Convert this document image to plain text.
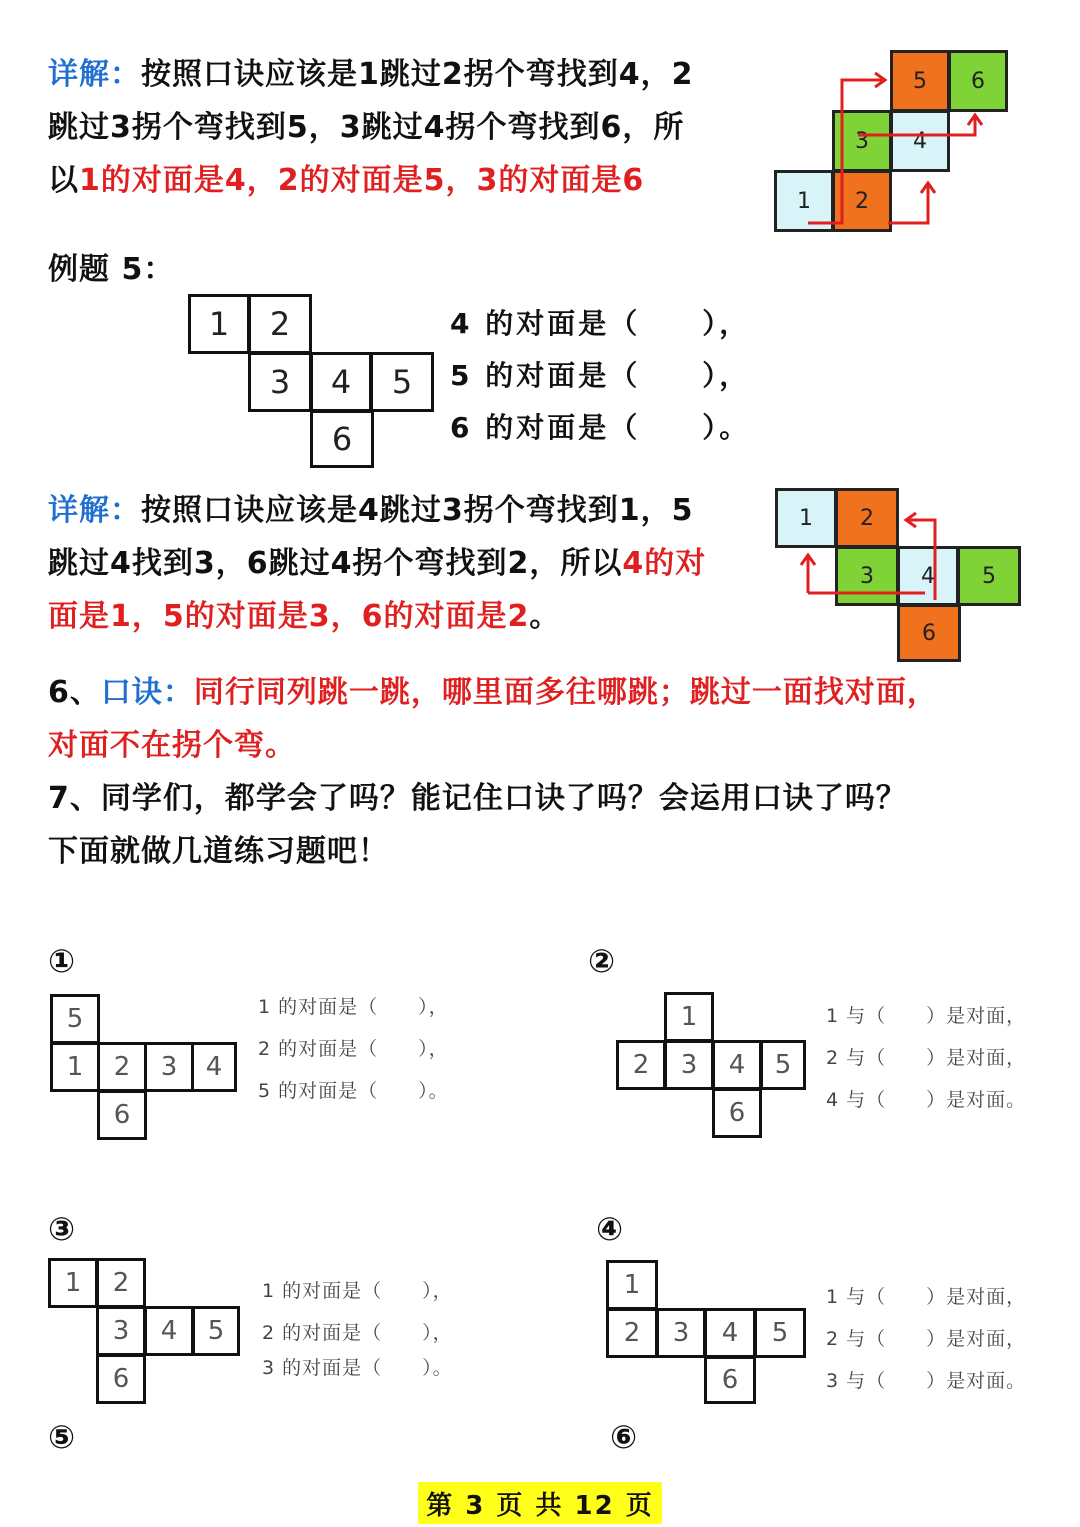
详解：按照口诀应该是1跳过2拐个弯找到4，2
跳过3拐个弯找到5，3跳过4拐个弯找到6，所
以1的对面是4，2的对面是5，3的对面是6
5	6
3	4
1	2
例题 5：
1	2
3	4	5
6
4 的对面是（　　），
5 的对面是（　　），
6 的对面是（　　）。
详解：按照口诀应该是4跳过3拐个弯找到1，5
跳过4找到3，6跳过4拐个弯找到2，所以4的对
面是1，5的对面是3，6的对面是2。
1	2
3	4	5
6
6、口诀：同行同列跳一跳，哪里面多往哪跳；跳过一面找对面，
对面不在拐个弯。
7、同学们，都学会了吗？能记住口诀了吗？会运用口诀了吗？
下面就做几道练习题吧！
①	②
③	④
⑤	⑥
5
1	2	3	4
6
1 的对面是（　　），
2 的对面是（　　），
5 的对面是（　　）。
1
2	3	4	5
6
1 与（　　）是对面，
2 与（　　）是对面，
4 与（　　）是对面。
1	2
3	4	5
6
1 的对面是（　　），
2 的对面是（　　），
3 的对面是（　　）。
1
2	3	4	5
6
1 与（　　）是对面，
2 与（　　）是对面，
3 与（　　）是对面。
第 3 页 共 12 页
